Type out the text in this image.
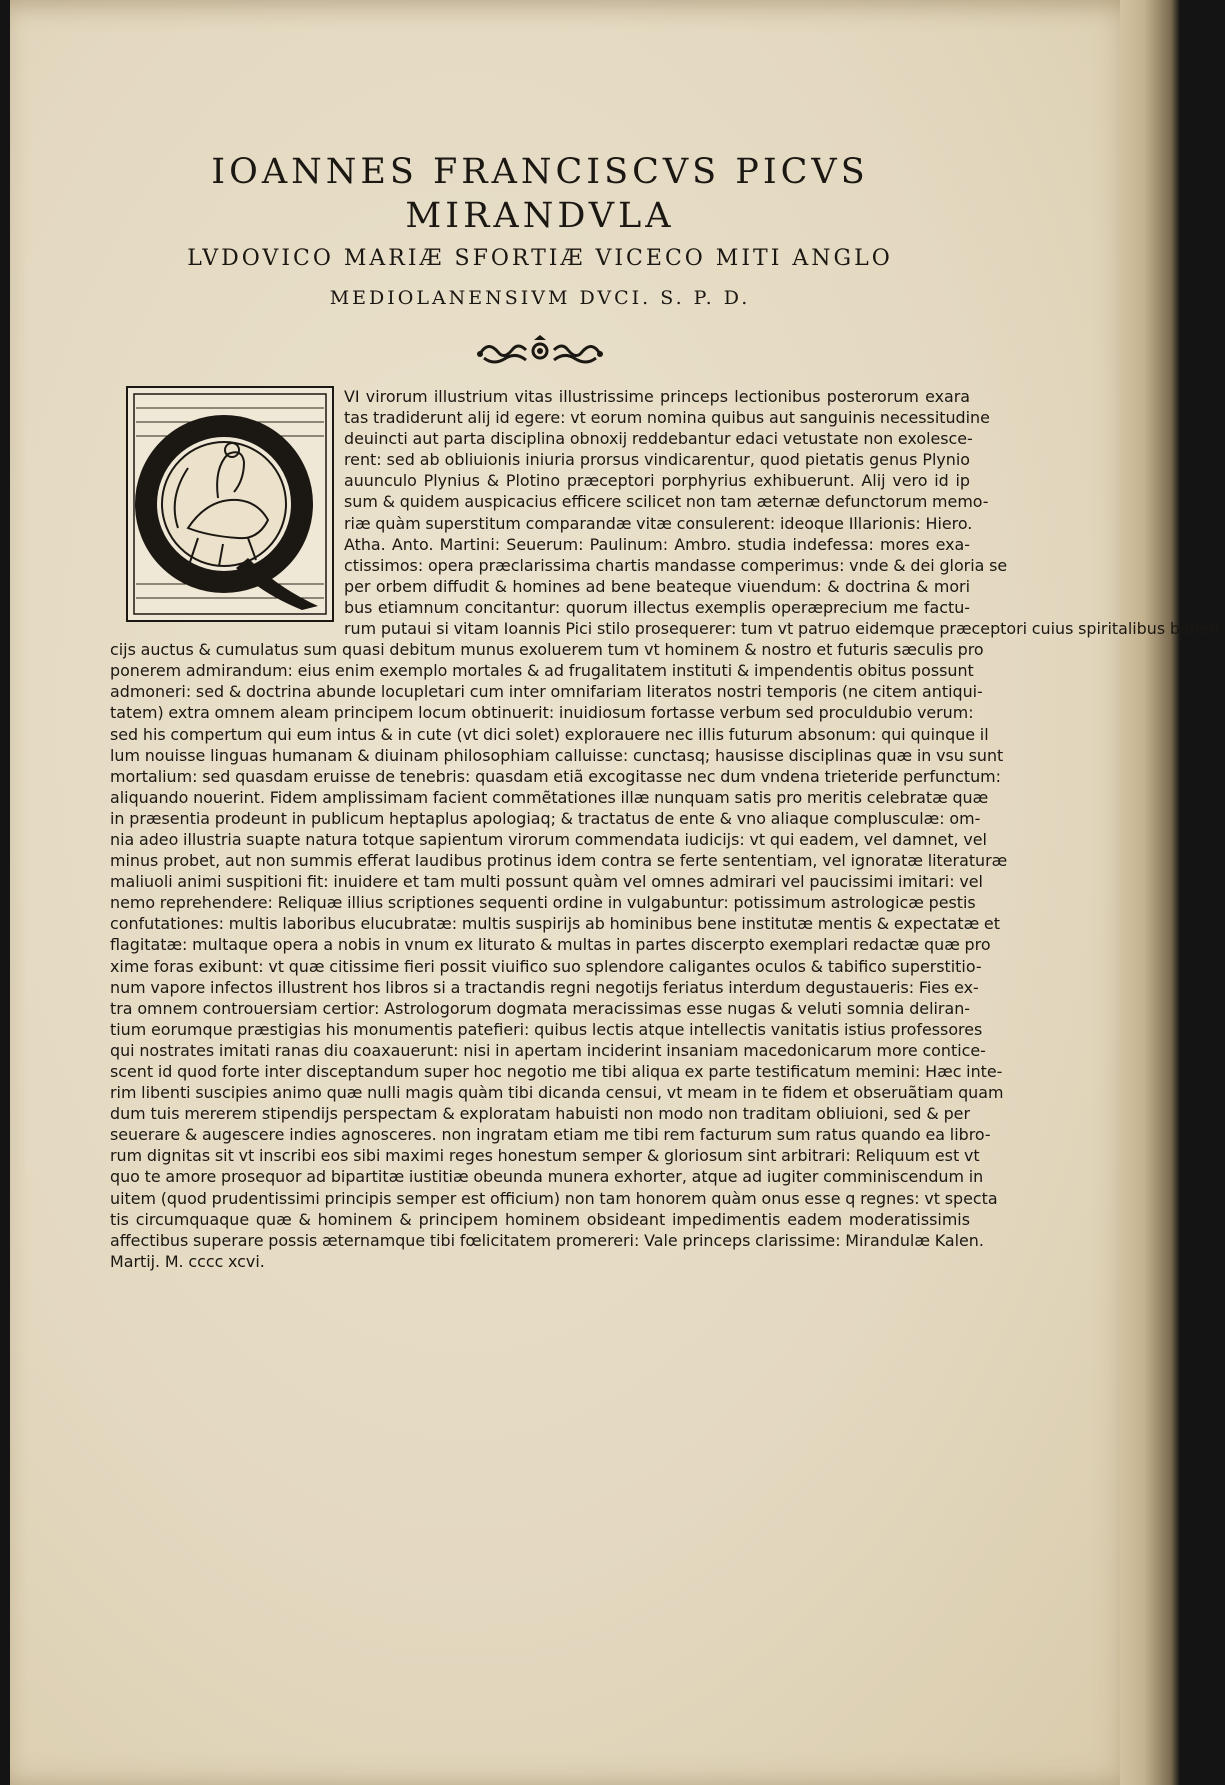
IOANNES FRANCISCVS PICVS MIRANDVLA
LVDOVICO MARIÆ SFORTIÆ VICECO MITI ANGLO
MEDIOLANENSIVM DVCI. S. P. D.
VI virorum illustrium vitas illustrissime princeps lectionibus posterorum exara
tas tradiderunt alij id egere: vt eorum nomina quibus aut sanguinis necessitudine
deuincti aut parta disciplina obnoxij reddebantur edaci vetustate non exolesce-
rent: sed ab obliuionis iniuria prorsus vindicarentur, quod pietatis genus Plynio
auunculo Plynius & Plotino præceptori porphyrius exhibuerunt. Alij vero id ip
sum & quidem auspicacius efficere scilicet non tam æternæ defunctorum memo-
riæ quàm superstitum comparandæ vitæ consulerent: ideoque Illarionis: Hiero.
Atha. Anto. Martini: Seuerum: Paulinum: Ambro. studia indefessa: mores exa-
ctissimos: opera præclarissima chartis mandasse comperimus: vnde & dei gloria se
per orbem diffudit & homines ad bene beateque viuendum: & doctrina & mori
bus etiamnum concitantur: quorum illectus exemplis operæprecium me factu-
rum putaui si vitam Ioannis Pici stilo prosequerer: tum vt patruo eidemque præceptori cuius spiritalibus benefi-
cijs auctus & cumulatus sum quasi debitum munus exoluerem tum vt hominem & nostro et futuris sæculis pro
ponerem admirandum: eius enim exemplo mortales & ad frugalitatem instituti & impendentis obitus possunt
admoneri: sed & doctrina abunde locupletari cum inter omnifariam literatos nostri temporis (ne citem antiqui-
tatem) extra omnem aleam principem locum obtinuerit: inuidiosum fortasse verbum sed proculdubio verum:
sed his compertum qui eum intus & in cute (vt dici solet) explorauere nec illis futurum absonum: qui quinque il
lum nouisse linguas humanam & diuinam philosophiam calluisse: cunctasq; hausisse disciplinas quæ in vsu sunt
mortalium: sed quasdam eruisse de tenebris: quasdam etiã excogitasse nec dum vndena trieteride perfunctum:
aliquando nouerint. Fidem amplissimam facient commẽtationes illæ nunquam satis pro meritis celebratæ quæ
in præsentia prodeunt in publicum heptaplus apologiaq; & tractatus de ente & vno aliaque complusculæ: om-
nia adeo illustria suapte natura totque sapientum virorum commendata iudicijs: vt qui eadem, vel damnet, vel
minus probet, aut non summis efferat laudibus protinus idem contra se ferte sententiam, vel ignoratæ literaturæ
maliuoli animi suspitioni fit: inuidere et tam multi possunt quàm vel omnes admirari vel paucissimi imitari: vel
nemo reprehendere: Reliquæ illius scriptiones sequenti ordine in vulgabuntur: potissimum astrologicæ pestis
confutationes: multis laboribus elucubratæ: multis suspirijs ab hominibus bene institutæ mentis & expectatæ et
flagitatæ: multaque opera a nobis in vnum ex liturato & multas in partes discerpto exemplari redactæ quæ pro
xime foras exibunt: vt quæ citissime fieri possit viuifico suo splendore caligantes oculos & tabifico superstitio-
num vapore infectos illustrent hos libros si a tractandis regni negotijs feriatus interdum degustaueris: Fies ex-
tra omnem controuersiam certior: Astrologorum dogmata meracissimas esse nugas & veluti somnia deliran-
tium eorumque præstigias his monumentis patefieri: quibus lectis atque intellectis vanitatis istius professores
qui nostrates imitati ranas diu coaxauerunt: nisi in apertam inciderint insaniam macedonicarum more contice-
scent id quod forte inter disceptandum super hoc negotio me tibi aliqua ex parte testificatum memini: Hæc inte-
rim libenti suscipies animo quæ nulli magis quàm tibi dicanda censui, vt meam in te fidem et obseruãtiam quam
dum tuis mererem stipendijs perspectam & exploratam habuisti non modo non traditam obliuioni, sed & per
seuerare & augescere indies agnosceres. non ingratam etiam me tibi rem facturum sum ratus quando ea libro-
rum dignitas sit vt inscribi eos sibi maximi reges honestum semper & gloriosum sint arbitrari: Reliquum est vt
quo te amore prosequor ad bipartitæ iustitiæ obeunda munera exhorter, atque ad iugiter comminiscendum in
uitem (quod prudentissimi principis semper est officium) non tam honorem quàm onus esse q regnes: vt specta
tis circumquaque quæ & hominem & principem hominem obsideant impedimentis eadem moderatissimis
affectibus superare possis æternamque tibi fœlicitatem promereri: Vale princeps clarissime: Mirandulæ Kalen.
Martij. M. cccc xcvi.
